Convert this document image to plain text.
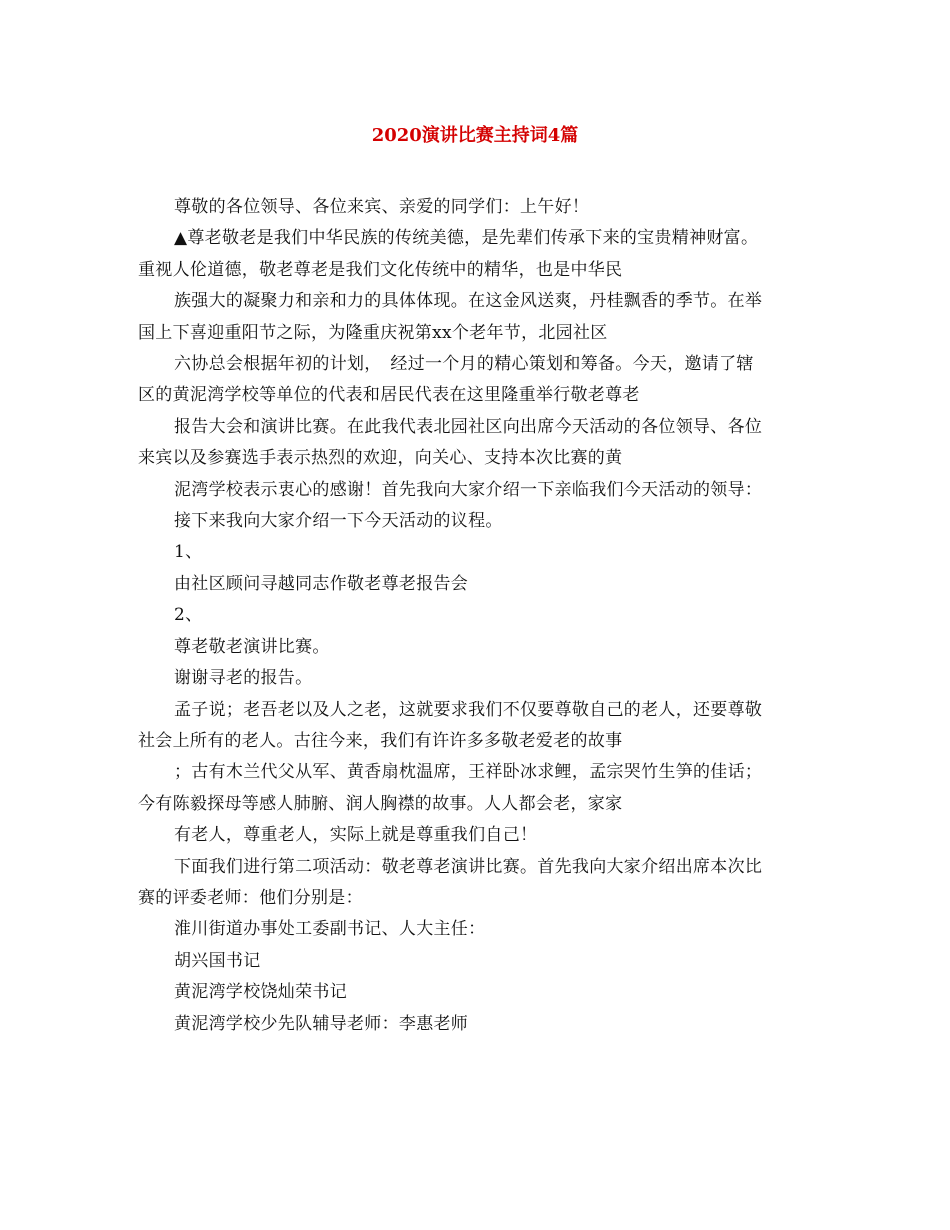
2020演讲比赛主持词4篇

尊敬的各位领导、各位来宾、亲爱的同学们：上午好！

▲尊老敬老是我们中华民族的传统美德，是先辈们传承下来的宝贵精神财富。
重视人伦道德，敬老尊老是我们文化传统中的精华，也是中华民

族强大的凝聚力和亲和力的具体体现。在这金风送爽，丹桂飘香的季节。在举
国上下喜迎重阳节之际，为隆重庆祝第xx个老年节，北园社区

六协总会根据年初的计划，　经过一个月的精心策划和筹备。今天，邀请了辖
区的黄泥湾学校等单位的代表和居民代表在这里隆重举行敬老尊老

报告大会和演讲比赛。在此我代表北园社区向出席今天活动的各位领导、各位
来宾以及参赛选手表示热烈的欢迎，向关心、支持本次比赛的黄

泥湾学校表示衷心的感谢！首先我向大家介绍一下亲临我们今天活动的领导：

接下来我向大家介绍一下今天活动的议程。

1、

由社区顾问寻越同志作敬老尊老报告会

2、

尊老敬老演讲比赛。

谢谢寻老的报告。

孟子说；老吾老以及人之老，这就要求我们不仅要尊敬自己的老人，还要尊敬
社会上所有的老人。古往今来，我们有许许多多敬老爱老的故事

；古有木兰代父从军、黄香扇枕温席，王祥卧冰求鲤，孟宗哭竹生笋的佳话；
今有陈毅探母等感人肺腑、润人胸襟的故事。人人都会老，家家

有老人，尊重老人，实际上就是尊重我们自己！

下面我们进行第二项活动：敬老尊老演讲比赛。首先我向大家介绍出席本次比
赛的评委老师：他们分别是：

淮川街道办事处工委副书记、人大主任：

胡兴国书记

黄泥湾学校饶灿荣书记

黄泥湾学校少先队辅导老师：李惠老师
